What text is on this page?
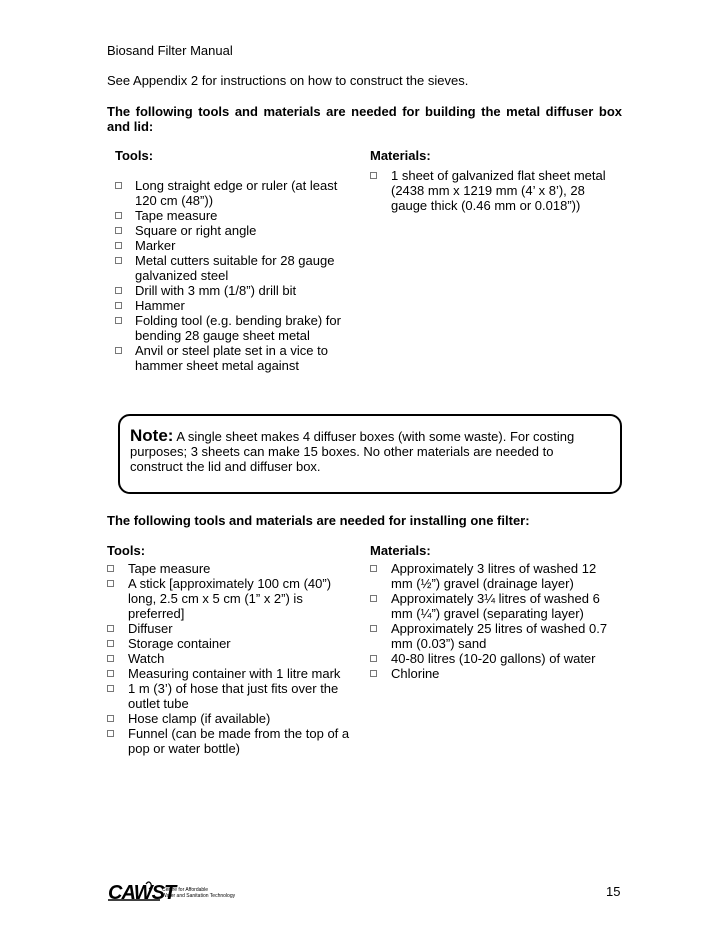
Biosand Filter Manual

See Appendix 2 for instructions on how to construct the sieves.

The following tools and materials are needed for building the metal diffuser box

and lid:

Tools:

Long straight edge or ruler (at least
120 cm (48”))
Tape measure
Square or right angle
Marker
Metal cutters suitable for 28 gauge
galvanized steel
Drill with 3 mm (1/8”) drill bit
Hammer
Folding tool (e.g. bending brake) for
bending 28 gauge sheet metal
Anvil or steel plate set in a vice to
hammer sheet metal against

Materials:

1 sheet of galvanized flat sheet metal
(2438 mm x 1219 mm (4’ x 8’), 28
gauge thick (0.46 mm or 0.018”))
Note: A single sheet makes 4 diffuser boxes (with some waste). For costing
purposes; 3 sheets can make 15 boxes. No other materials are needed to
construct the lid and diffuser box.

The following tools and materials are needed for installing one filter:

Tools:

Tape measure
A stick [approximately 100 cm (40”)
long, 2.5 cm x 5 cm (1” x 2”) is
preferred]
Diffuser
Storage container
Watch
Measuring container with 1 litre mark
1 m (3’) of hose that just fits over the
outlet tube
Hose clamp (if available)
Funnel (can be made from the top of a
pop or water bottle)

Materials:

Approximately 3 litres of washed 12
mm (½”) gravel (drainage layer)
Approximately 3¼ litres of washed 6
mm (¼”) gravel (separating layer)
Approximately 25 litres of washed 0.7
mm (0.03”) sand
40-80 litres (10-20 gallons) of water
Chlorine
CAWST
Centre for Affordable
Water and Sanitation Technology	15
